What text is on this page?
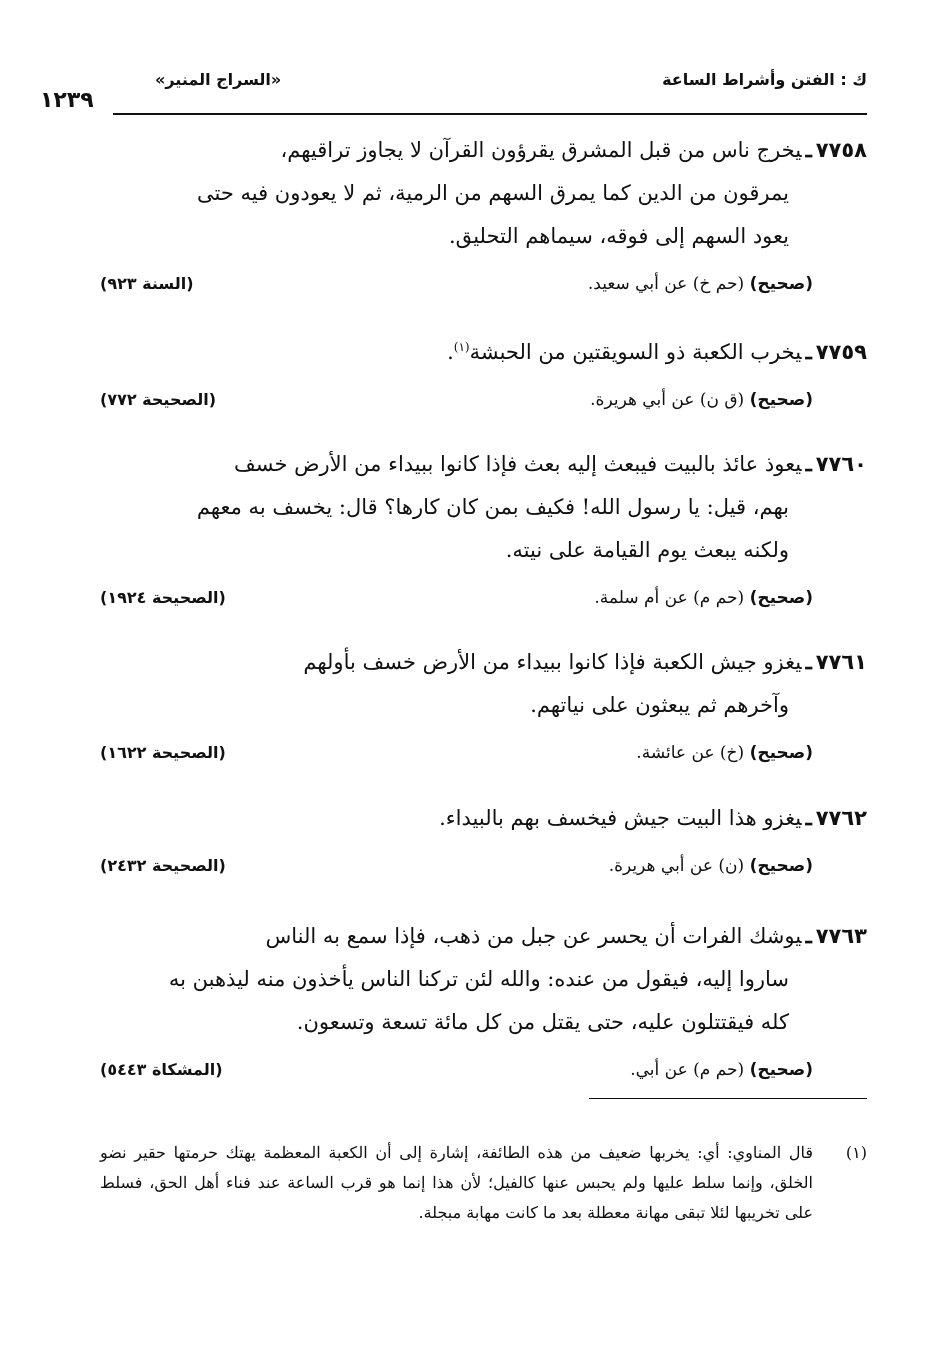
ك : الفتن وأشراط الساعة
«السراج المنير»
١٢٣٩
٧٧٥٨ـيخرج ناس من قبل المشرق يقرؤون القرآن لا يجاوز تراقيهم،
يمرقون من الدين كما يمرق السهم من الرمية، ثم لا يعودون فيه حتى
يعود السهم إلى فوقه، سيماهم التحليق.
(صحيح) (حم خ) عن أبي سعيد.
(السنة ٩٢٣)
٧٧٥٩ـيخرب الكعبة ذو السويقتين من الحبشة$^{(١)}$.
(صحيح) (ق ن) عن أبي هريرة.
(الصحيحة ٧٧٢)
٧٧٦٠ـيعوذ عائذ بالبيت فيبعث إليه بعث فإذا كانوا ببيداء من الأرض خسف
بهم، قيل: يا رسول الله! فكيف بمن كان كارها؟ قال: يخسف به معهم
ولكنه يبعث يوم القيامة على نيته.
(صحيح) (حم م) عن أم سلمة.
(الصحيحة ١٩٢٤)
٧٧٦١ـيغزو جيش الكعبة فإذا كانوا ببيداء من الأرض خسف بأولهم
وآخرهم ثم يبعثون على نياتهم.
(صحيح) (خ) عن عائشة.
(الصحيحة ١٦٢٢)
٧٧٦٢ـيغزو هذا البيت جيش فيخسف بهم بالبيداء.
(صحيح) (ن) عن أبي هريرة.
(الصحيحة ٢٤٣٢)
٧٧٦٣ـيوشك الفرات أن يحسر عن جبل من ذهب، فإذا سمع به الناس
ساروا إليه، فيقول من عنده: والله لئن تركنا الناس يأخذون منه ليذهبن به
كله فيقتتلون عليه، حتى يقتل من كل مائة تسعة وتسعون.
(صحيح) (حم م) عن أبي.
(المشكاة ٥٤٤٣)
(١)
قال المناوي: أي: يخربها ضعيف من هذه الطائفة، إشارة إلى أن الكعبة المعظمة يهتك حرمتها حقير نضو الخلق، وإنما سلط عليها ولم يحبس عنها كالفيل؛ لأن هذا إنما هو قرب الساعة عند فناء أهل الحق، فسلط على تخريبها لئلا تبقى مهانة معطلة بعد ما كانت مهابة مبجلة.
